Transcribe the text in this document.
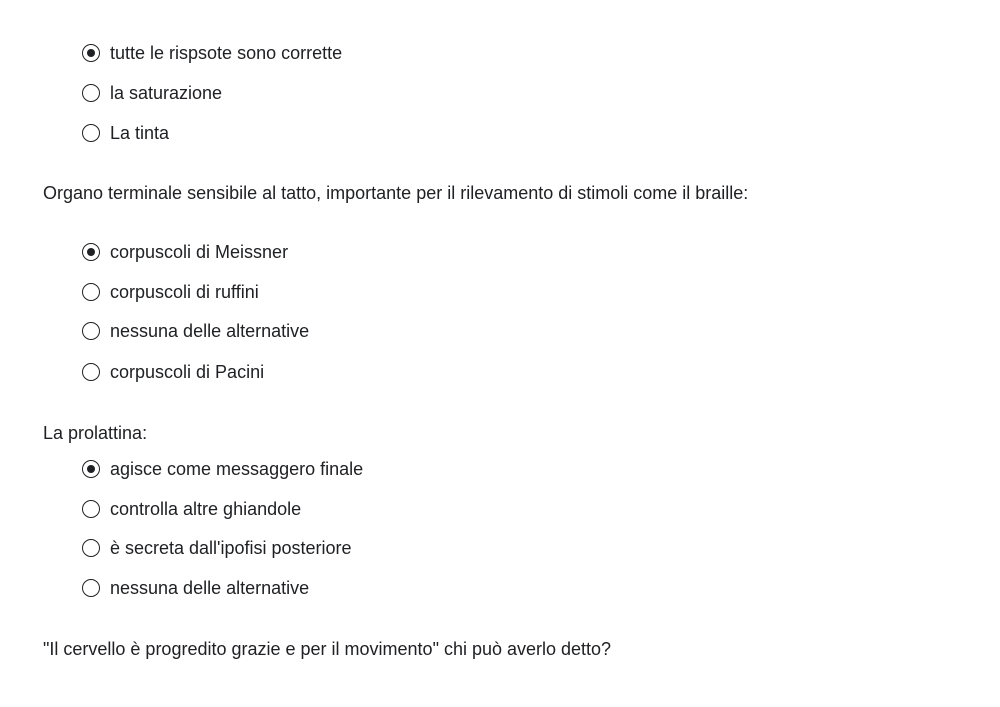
tutte le rispsote sono corrette
la saturazione
La tinta

Organo terminale sensibile al tatto, importante per il rilevamento di stimoli come il braille:

corpuscoli di Meissner
corpuscoli di ruffini
nessuna delle alternative
corpuscoli di Pacini

La prolattina:

agisce come messaggero finale
controlla altre ghiandole
è secreta dall'ipofisi posteriore
nessuna delle alternative

"Il cervello è progredito grazie e per il movimento" chi può averlo detto?
